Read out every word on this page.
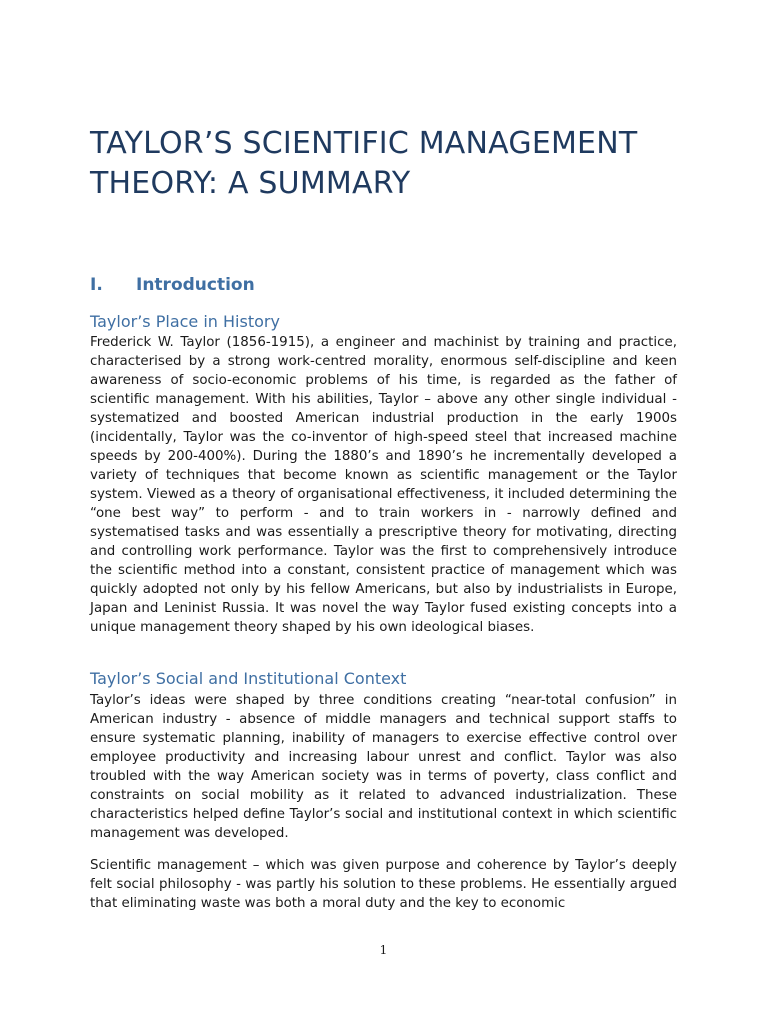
TAYLOR’S SCIENTIFIC MANAGEMENT THEORY: A SUMMARY
I. Introduction
Taylor’s Place in History

Frederick W. Taylor (1856-1915), a engineer and machinist by training and practice, characterised by a strong work-centred morality, enormous self-discipline and keen awareness of socio-economic problems of his time, is regarded as the father of scientific management. With his abilities, Taylor – above any other single individual - systematized and boosted American industrial production in the early 1900s (incidentally, Taylor was the co-inventor of high-speed steel that increased machine speeds by 200-400%). During the 1880’s and 1890’s he incrementally developed a variety of techniques that become known as scientific management or the Taylor system. Viewed as a theory of organisational effectiveness, it included determining the “one best way” to perform - and to train workers in - narrowly defined and systematised tasks and was essentially a prescriptive theory for motivating, directing and controlling work performance. Taylor was the first to comprehensively introduce the scientific method into a constant, consistent practice of management which was quickly adopted not only by his fellow Americans, but also by industrialists in Europe, Japan and Leninist Russia. It was novel the way Taylor fused existing concepts into a unique management theory shaped by his own ideological biases.

Taylor’s Social and Institutional Context

Taylor’s ideas were shaped by three conditions creating “near-total confusion” in American industry - absence of middle managers and technical support staffs to ensure systematic planning, inability of managers to exercise effective control over employee productivity and increasing labour unrest and conflict. Taylor was also troubled with the way American society was in terms of poverty, class conflict and constraints on social mobility as it related to advanced industrialization. These characteristics helped define Taylor’s social and institutional context in which scientific management was developed.

Scientific management – which was given purpose and coherence by Taylor’s deeply felt social philosophy - was partly his solution to these problems. He essentially argued that eliminating waste was both a moral duty and the key to economic

1
